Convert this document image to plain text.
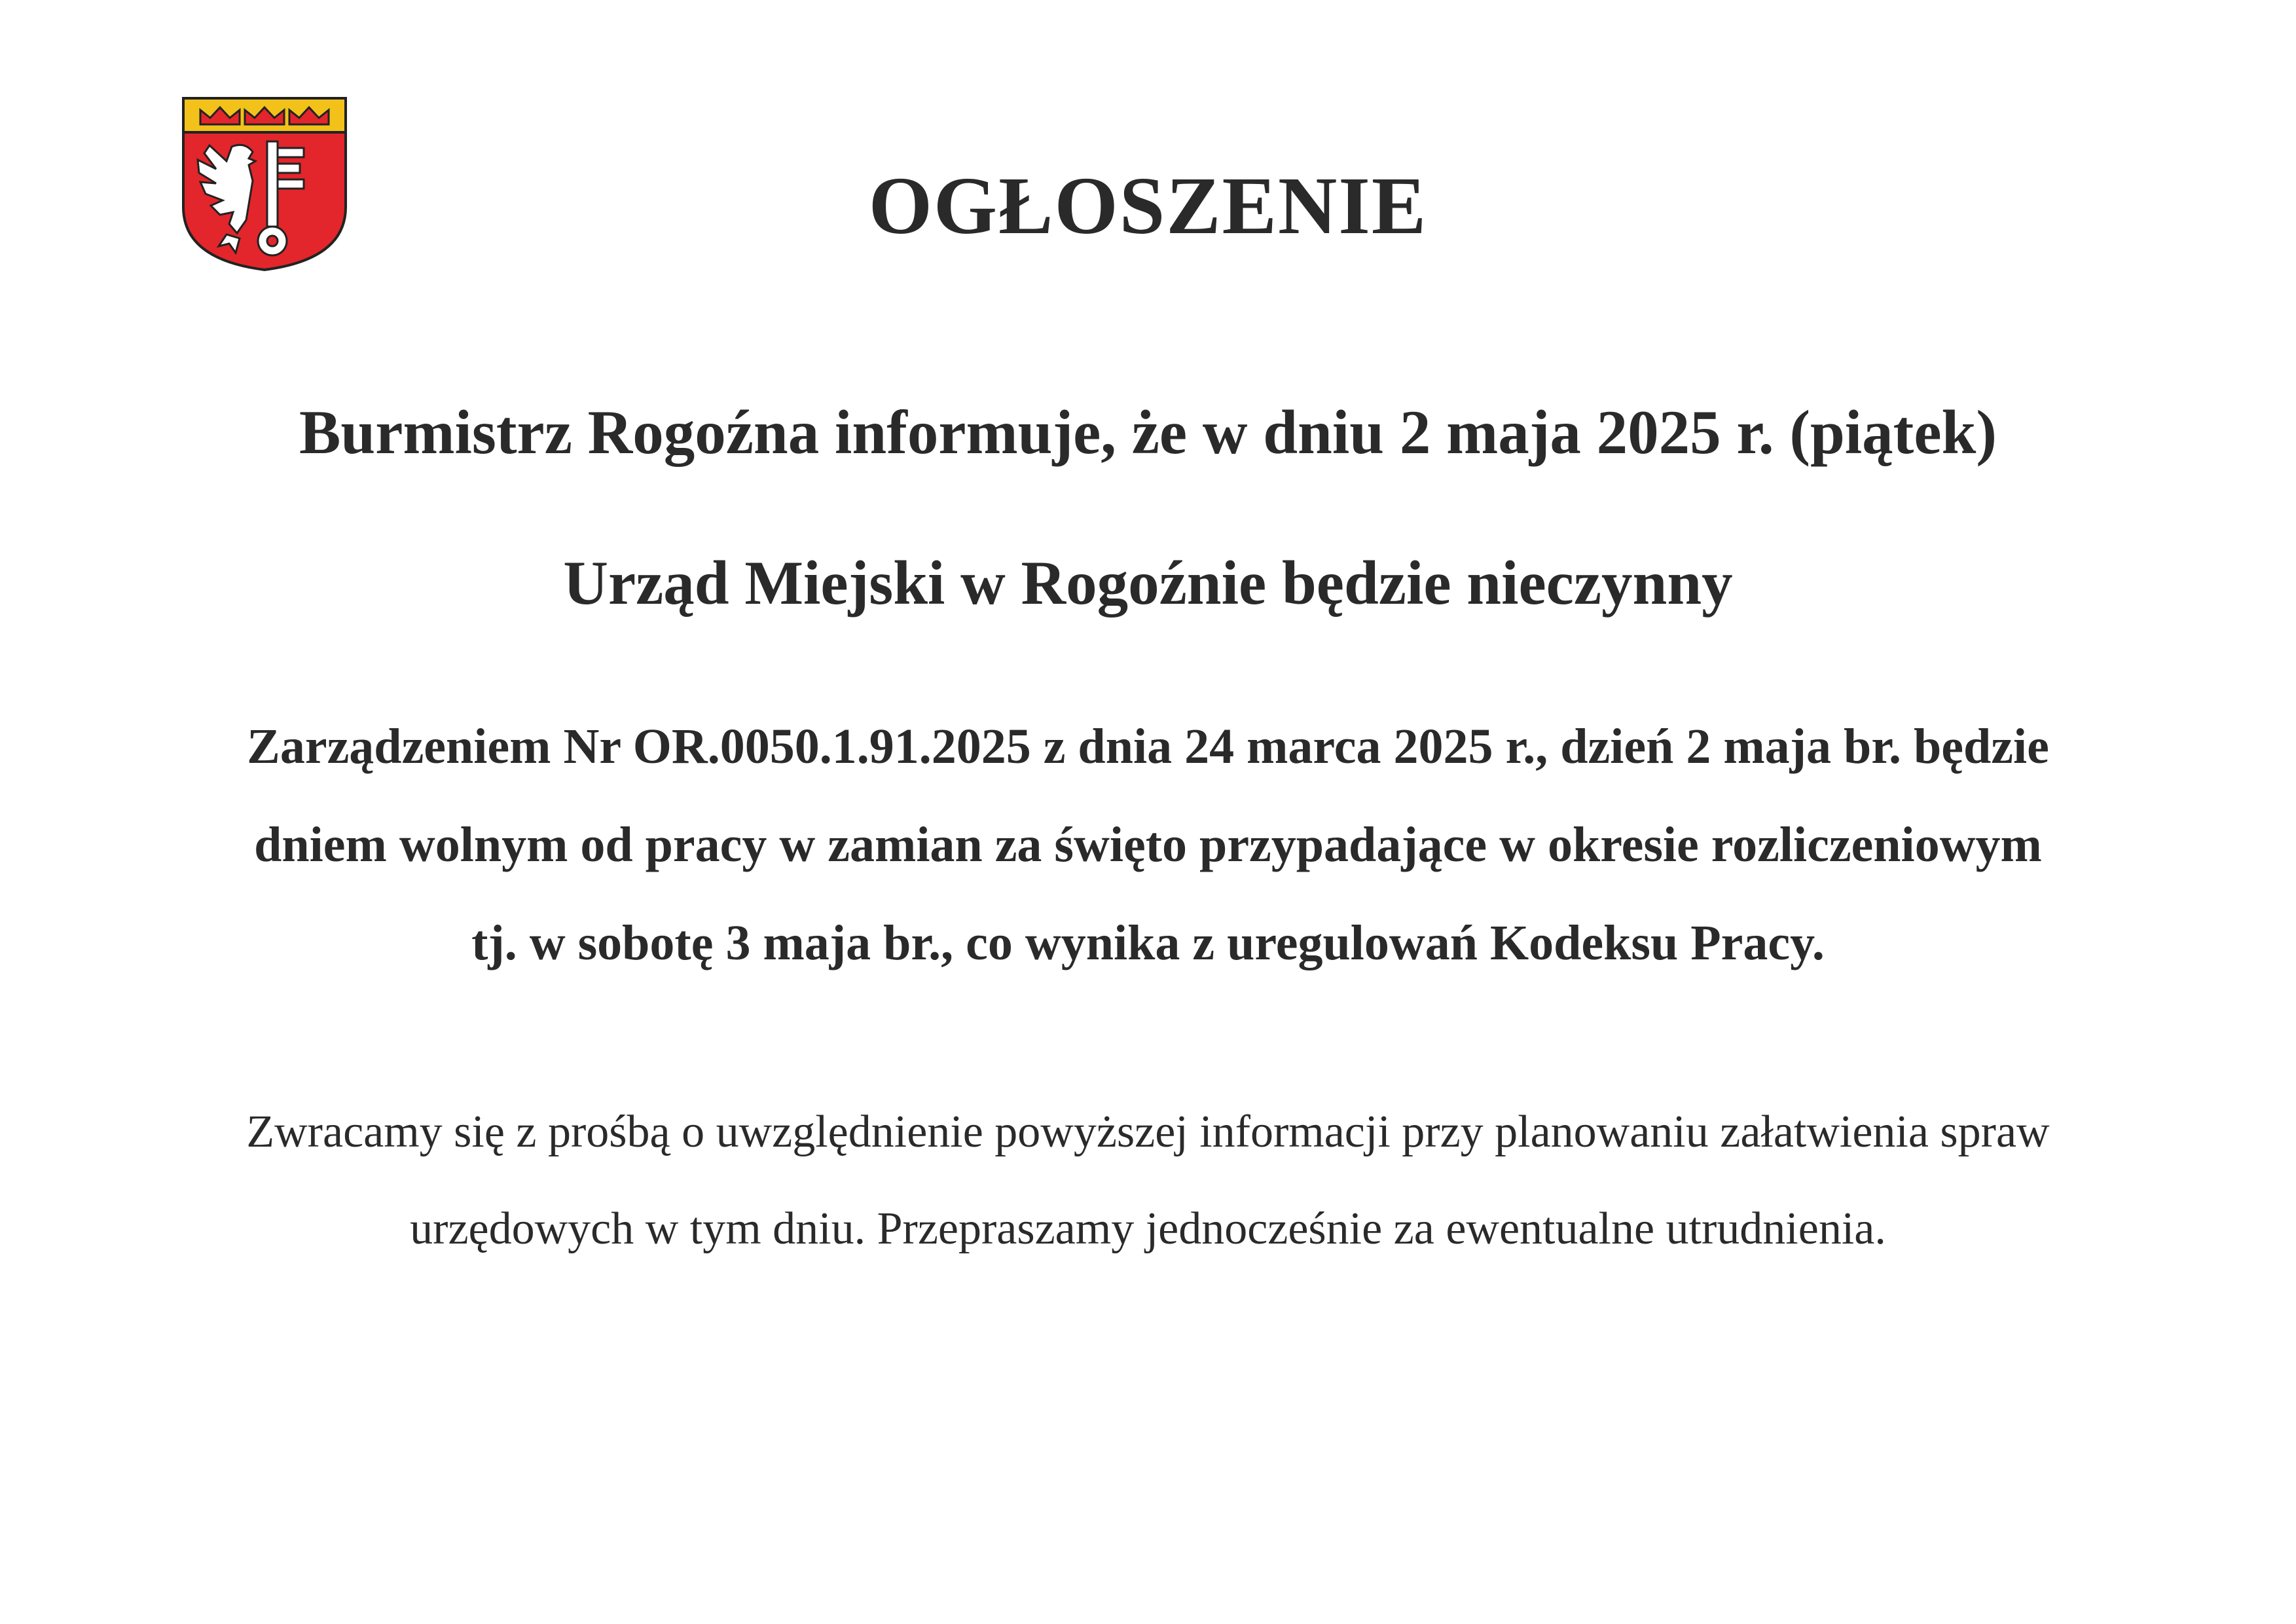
OGŁOSZENIE
Burmistrz Rogoźna informuje, że w dniu 2 maja 2025 r. (piątek)
Urząd Miejski w Rogoźnie będzie nieczynny
Zarządzeniem Nr OR.0050.1.91.2025 z dnia 24 marca 2025 r., dzień 2 maja br. będzie
dniem wolnym od pracy w zamian za święto przypadające w okresie rozliczeniowym
tj. w sobotę 3 maja br., co wynika z uregulowań Kodeksu Pracy.
Zwracamy się z prośbą o uwzględnienie powyższej informacji przy planowaniu załatwienia spraw
urzędowych w tym dniu. Przepraszamy jednocześnie za ewentualne utrudnienia.
